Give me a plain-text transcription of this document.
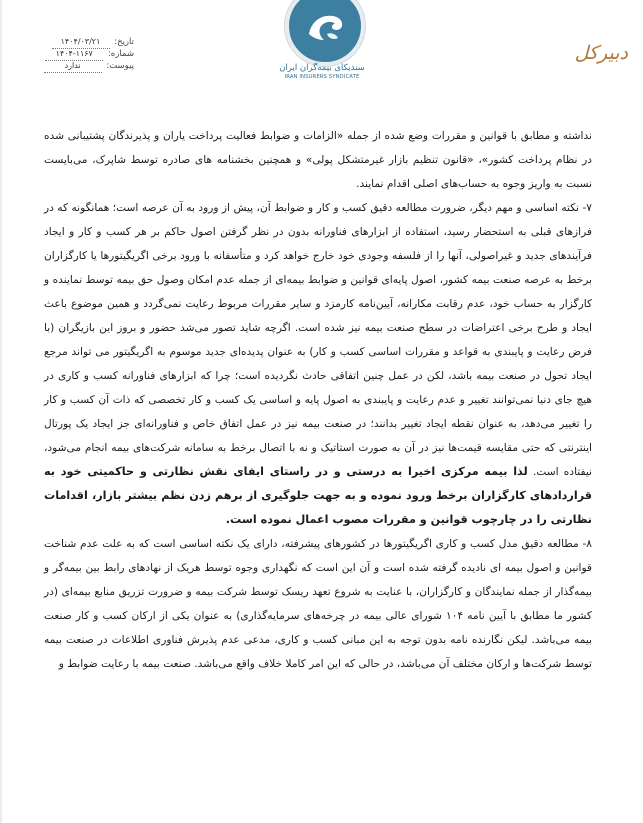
تاریخ: ۱۴۰۴/۰۳/۲۱
شماره: ۱۴۰۴-۱۱۶۷
پیوست: ندارد	سندیکای بیمه‌گران ایران
IRAN INSURERS SYNDICATE
دبیرکل

نداشته و مطابق با قوانین و مقررات وضع شده از جمله «الزامات و ضوابط فعالیت پرداخت یاران و پذیرندگان پشتیبانی شده در نظام پرداخت کشور»، «قانون تنظیم بازار غیرمتشکل پولی» و همچنین بخشنامه های صادره توسط شاپرک، می‌بایست نسبت به واریز وجوه به حساب‌های اصلی اقدام نمایند.

۷- نکته اساسی و مهم دیگر، ضرورت مطالعه دقیق کسب و کار و ضوابط آن، پیش از ورود به آن عرصه است؛ همانگونه که در فرازهای قبلی به استحضار رسید، استفاده از ابزارهای فناورانه بدون در نظر گرفتن اصول حاکم بر هر کسب و کار و ایجاد فرآیندهای جدید و غیراصولی، آنها را از فلسفه وجودی خود خارج خواهد کرد و متأسفانه با ورود برخی اگریگیتورها یا کارگزاران برخط به عرصه صنعت بیمه کشور، اصول پایه‌ای قوانین و ضوابط بیمه‌ای از جمله عدم امکان وصول حق بیمه توسط نماینده و کارگزار به حساب خود، عدم رقابت مکارانه، آیین‌نامه کارمزد و سایر مقررات مربوط رعایت نمی‌گردد و همین موضوع باعث ایجاد و طرح برخی اعتراضات در سطح صنعت بیمه نیز شده است. اگرچه شاید تصور می‌شد حضور و بروز این بازیگران (با فرض رعایت و پایبندی به قواعد و مقررات اساسی کسب و کار) به عنوان پدیده‌ای جدید موسوم به اگریگیتور می تواند مرجع ایجاد تحول در صنعت بیمه باشد، لکن در عمل چنین اتفاقی حادث نگردیده است؛ چرا که ابزارهای فناورانه کسب و کاری در هیچ جای دنیا نمی‌توانند تغییر و عدم رعایت و پایبندی به اصول پایه و اساسی یک کسب و کار تخصصی که ذات آن کسب و کار را تغییر می‌دهد، به عنوان نقطه ایجاد تغییر بدانند؛ در صنعت بیمه نیز در عمل اتفاق خاص و فناورانه‌ای جز ایجاد یک پورتال اینترنتی که حتی مقایسه قیمت‌ها نیز در آن به صورت استاتیک و نه با اتصال برخط به سامانه شرکت‌های بیمه انجام می‌شود، نیفتاده است. لذا بیمه مرکزی اخیرا به درستی و در راستای ایفای نقش نظارتی و حاکمیتی خود به قراردادهای کارگزاران برخط ورود نموده و به جهت جلوگیری از برهم زدن نظم بیشتر بازار، اقدامات نظارتی را در چارچوب قوانین و مقررات مصوب اعمال نموده است.

۸- مطالعه دقیق مدل کسب و کاری اگریگیتورها در کشورهای پیشرفته، دارای یک نکته اساسی است که به علت عدم شناخت قوانین و اصول بیمه ای نادیده گرفته شده است و آن این است که نگهداری وجوه توسط هریک از نهادهای رابط بین بیمه‌گر و بیمه‌گذار از جمله نمایندگان و کارگزاران، با عنایت به شروع تعهد ریسک توسط شرکت بیمه و ضرورت تزریق منابع بیمه‌ای (در کشور ما مطابق با آیین نامه ۱۰۴ شورای عالی بیمه در چرخه‌های سرمایه‌گذاری) به عنوان یکی از ارکان کسب و کار صنعت بیمه می‌باشد. لیکن نگارنده نامه بدون توجه به این مبانی کسب و کاری، مدعی عدم پذیرش فناوری اطلاعات در صنعت بیمه توسط شرکت‌ها و ارکان مختلف آن می‌باشد، در حالی که این امر کاملا خلاف واقع می‌باشد. صنعت بیمه با رعایت ضوابط و
